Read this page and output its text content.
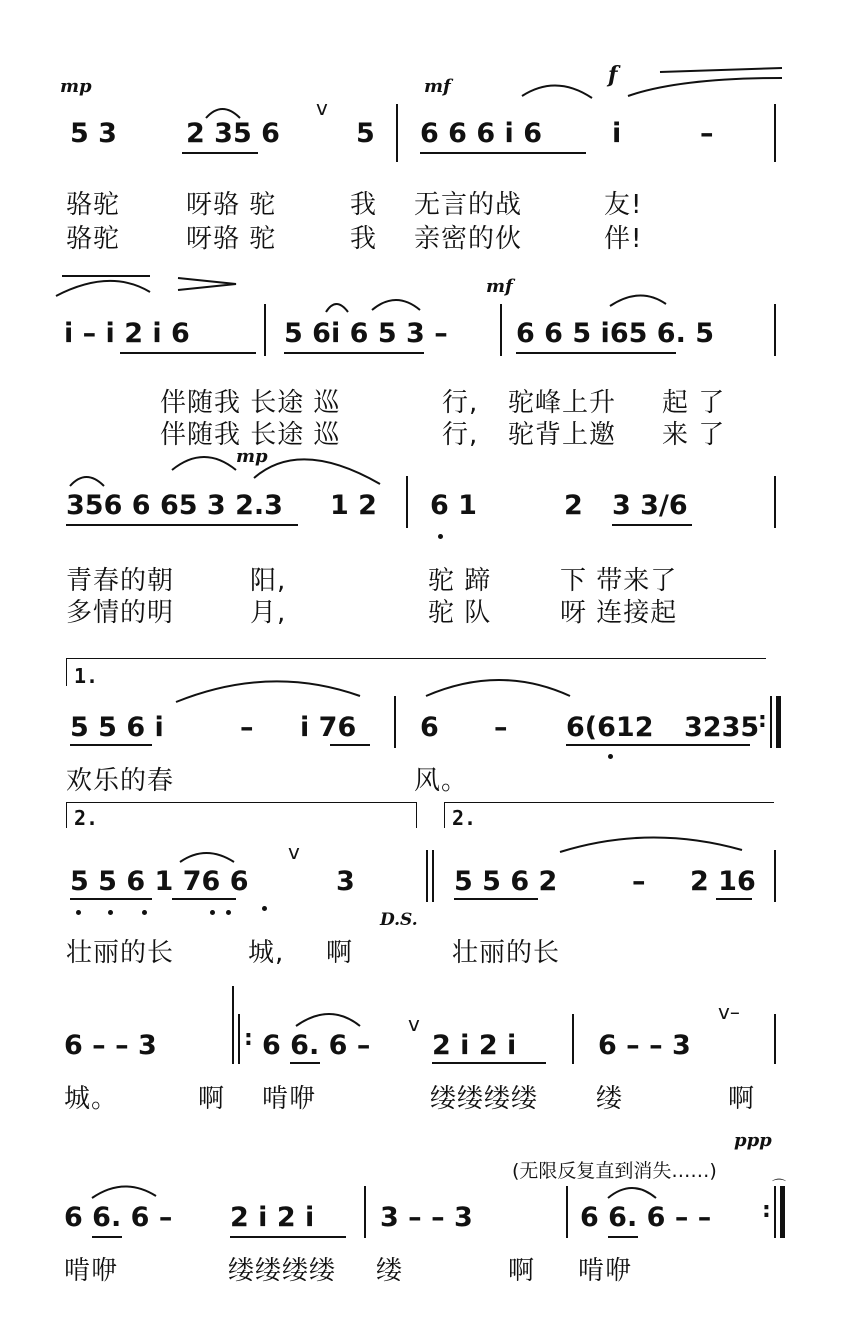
mp	mf	f
5 3	2 35 6
v
5 6 6 6 i 6	i	–
骆驼	呀骆 驼	我 无言的战	友!
骆驼	呀骆 驼	我 亲密的伙	伴!
mf
i – i 2 i 6	5 6i 6 5 3 –	6 6 5 i65 6. 5
伴随我 长途 巡	行, 驼峰上升 起 了
伴随我 长途 巡	行, 驼背上邀 来 了
mp
356 6 65 3 2.3 1 2 6 1	2 3 3/6
青春的朝	阳,	驼 蹄	下 带来了
多情的明	月,	驼 队	呀 连接起
1.
5 5 6 i	– i 76 6 – 6(612 3235
:
欢乐的春	风。
2.	2.
5 5 6 1 76 6
v
3	5 5 6 2	– 2 16
D.S.
壮丽的长	城, 啊	壮丽的长
6 – – 3	: 6 6. 6 –
v
2 i 2 i	6 – – 3
v–
城。	啊 啃咿	缕缕缕缕 缕	啊
ppp
(无限反复直到消失……)
6 6. 6 – 2 i 2 i 3 – – 3	6 6. 6 – – :
⌒
啃咿	缕缕缕缕 缕	啊 啃咿
